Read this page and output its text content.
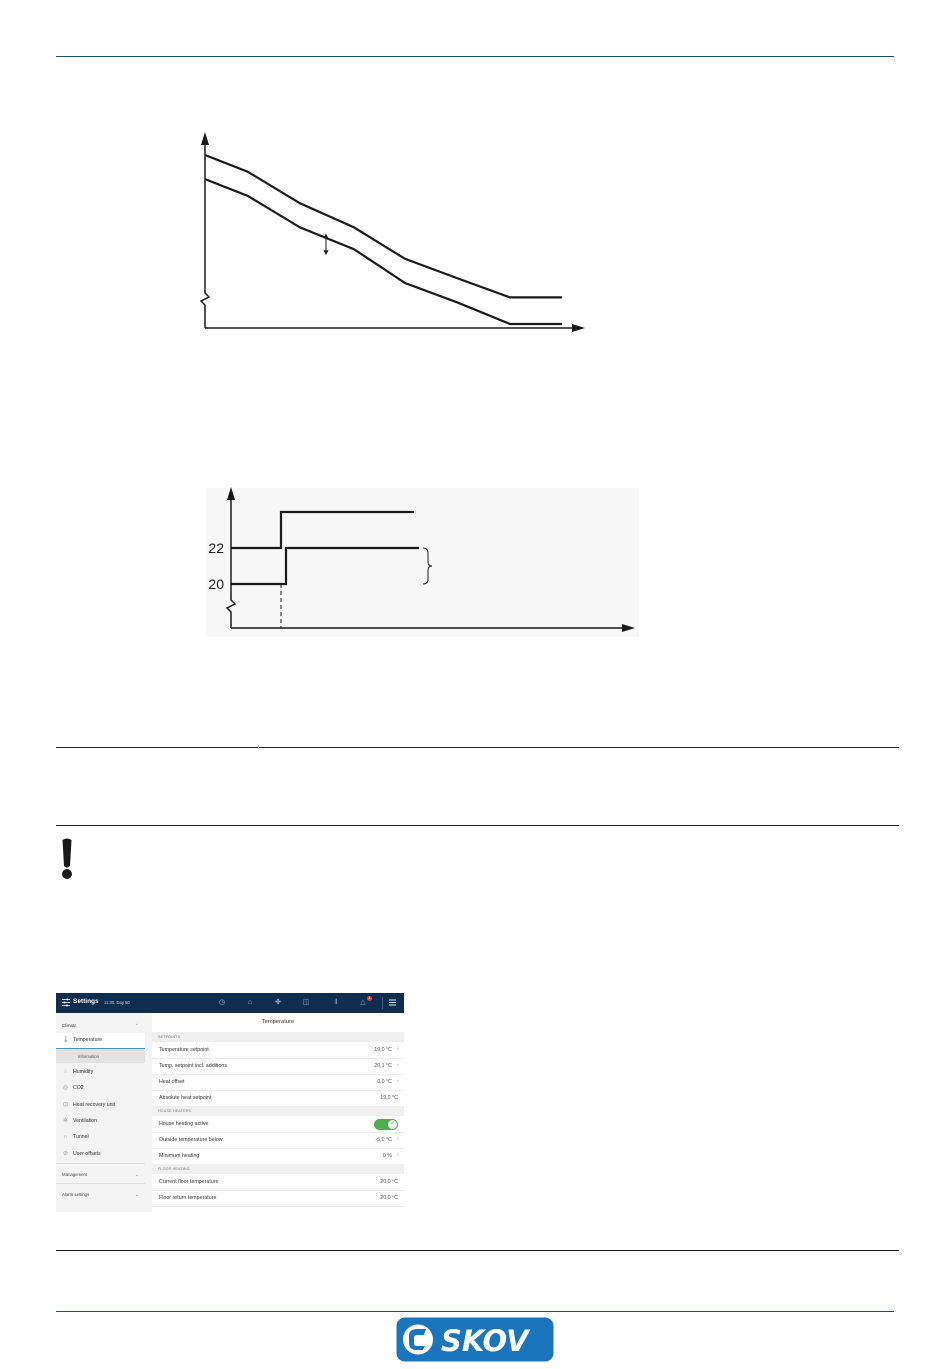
22
20
Settings 11:30, Day 50	◷	⌂	✤	◫	𝄇	△
1
Climate	⌃
🌡 Temperature
Information
∴	Humidity
◎ CO2
⊡ Heat recovery unit
✲ Ventilation
∩ Tunnel
⊘ User offsets
Management	⌄
Alarm settings	⌄
Temperature
SETPOINTS
Temperature setpoint	19,0 °C ›
Temp. setpoint incl. additions	20,1 °C ›
Heat offset	0,0 °C ›
Absolute heat setpoint	19,0 °C
HOUSE HEATERS
House heating active	✓
Outside temperature below	-5,0 °C ›
Minimum heating	0 % ›
FLOOR HEATING
Current floor temperature	20,0 °C
Floor return temperature	20,0 °C
SKOV
